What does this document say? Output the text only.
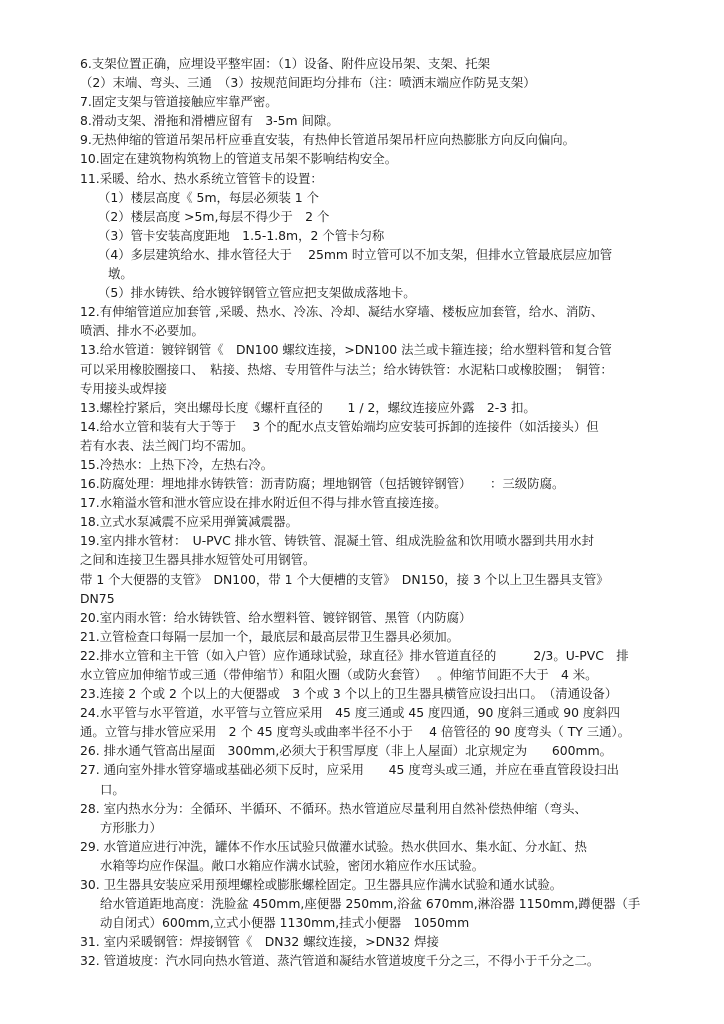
6.支架位置正确，应埋设平整牢固：（1）设备、附件应设吊架、支架、托架
（2）末端、弯头、三通　（3）按规范间距均分排布（注：喷洒末端应作防晃支架）
7.固定支架与管道接触应牢靠严密。
8.滑动支架、滑拖和滑槽应留有　3-5m 间隙。
9.无热伸缩的管道吊架吊杆应垂直安装，有热伸长管道吊架吊杆应向热膨胀方向反向偏向。
10.固定在建筑物构筑物上的管道支吊架不影响结构安全。
11.采暖、给水、热水系统立管管卡的设置：
（1）楼层高度《 5m，每层必须装 1 个
（2）楼层高度 >5m,每层不得少于　2 个
（3）管卡安装高度距地　1.5-1.8m，2 个管卡匀称
（4）多层建筑给水、排水管径大于　 25mm 时立管可以不加支架，但排水立管最底层应加管
墩。
（5）排水铸铁、给水镀锌钢管立管应把支架做成落地卡。
12.有伸缩管道应加套管 ,采暖、热水、冷冻、冷却、凝结水穿墙、楼板应加套管，给水、消防、
喷洒、排水不必要加。
13.给水管道：镀锌钢管《　DN100 螺纹连接，>DN100 法兰或卡箍连接；给水塑料管和复合管
可以采用橡胶圈接口、　粘接、热熔、专用管件与法兰；给水铸铁管：水泥粘口或橡胶圈；　铜管：
专用接头或焊接
13.螺栓拧紧后，突出螺母长度《螺杆直径的　　1 / 2，螺纹连接应外露　2-3 扣。
14.给水立管和装有大于等于　 3 个的配水点支管始端均应安装可拆卸的连接件（如活接头）但
若有水表、法兰阀门均不需加。
15.冷热水：上热下冷，左热右冷。
16.防腐处理：埋地排水铸铁管：沥青防腐；埋地钢管（包括镀锌钢管）　　：三级防腐。
17.水箱溢水管和泄水管应设在排水附近但不得与排水管直接连接。
18.立式水泵减震不应采用弹簧减震器。
19.室内排水管材：　U-PVC 排水管、铸铁管、混凝土管、组成洗脸盆和饮用喷水器到共用水封
之间和连接卫生器具排水短管处可用钢管。
带 1 个大便器的支管》　DN100，带 1 个大便槽的支管》　DN150，接 3 个以上卫生器具支管》
DN75
20.室内雨水管：给水铸铁管、给水塑料管、镀锌钢管、黑管（内防腐）
21.立管检查口每隔一层加一个，最底层和最高层带卫生器具必须加。
22.排水立管和主干管（如入户管）应作通球试验，球直径》排水管道直径的　　　2/3。U-PVC　排
水立管应加伸缩节或三通（带伸缩节）和阻火圈（或防火套管）　 。伸缩节间距不大于　4 米。
23.连接 2 个或 2 个以上的大便器或　3 个或 3 个以上的卫生器具横管应设扫出口。　（清通设备）
24.水平管与水平管道，水平管与立管应采用　45 度三通或 45 度四通，90 度斜三通或 90 度斜四
通。立管与排水管应采用　2 个 45 度弯头或曲率半径不小于　 4 倍管径的 90 度弯头（ TY 三通）。
26. 排水通气管高出屋面　300mm,必须大于积雪厚度（非上人屋面）北京规定为　　600mm。
27. 通向室外排水管穿墙或基础必须下反时，应采用　　45 度弯头或三通，并应在垂直管段设扫出
口。
28. 室内热水分为：全循环、半循环、不循环。热水管道应尽量利用自然补偿热伸缩（弯头、
方形胀力）
29. 水管道应进行冲洗，罐体不作水压试验只做灌水试验。热水供回水、集水缸、分水缸、热
水箱等均应作保温。敞口水箱应作满水试验，密闭水箱应作水压试验。
30. 卫生器具安装应采用预埋螺栓或膨胀螺栓固定。卫生器具应作满水试验和通水试验。
给水管道距地高度：洗脸盆 450mm,座便器 250mm,浴盆 670mm,淋浴器 1150mm,蹲便器（手
动自闭式）600mm,立式小便器 1130mm,挂式小便器　1050mm
31. 室内采暖钢管：焊接钢管《　DN32 螺纹连接，>DN32 焊接
32. 管道坡度：汽水同向热水管道、蒸汽管道和凝结水管道坡度千分之三，不得小于千分之二。
